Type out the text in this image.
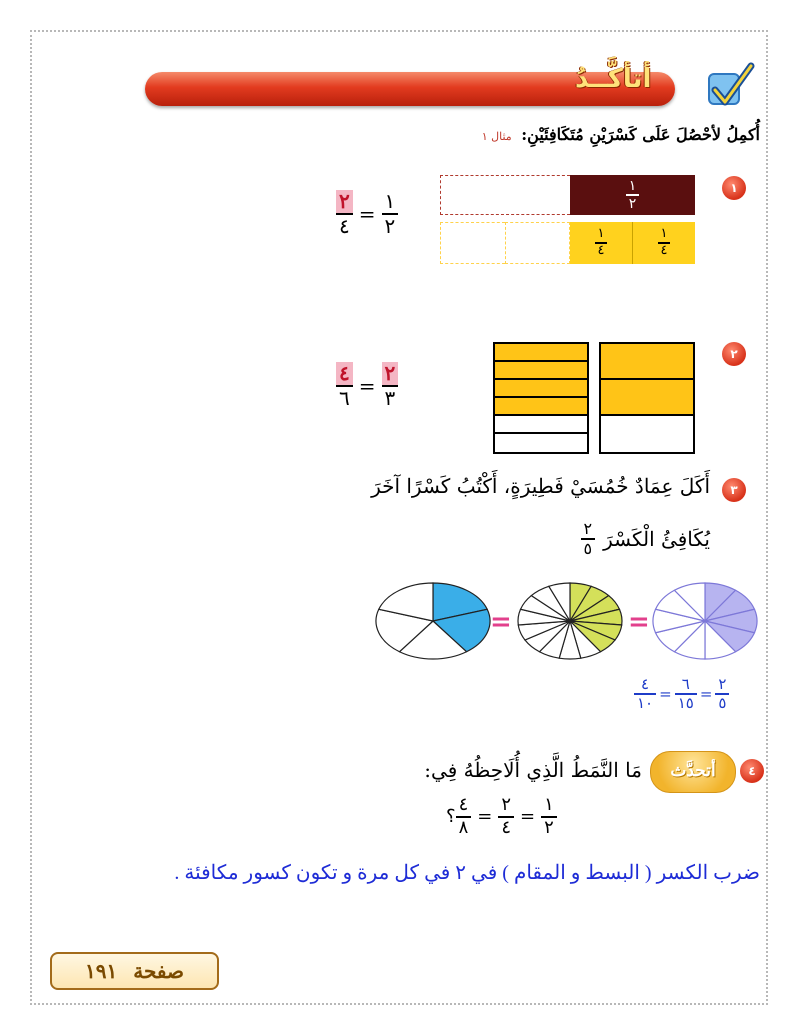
أتأكَّــدُ
أُكمِلُ لأحْصُلَ عَلَى كَسْرَيْنِ مُتَكَافِئَيْنِ: مثال ١
١
$\frac{١}{٢}$
$\frac{١}{٤}$	$\frac{١}{٤}$
$\frac{٢}{٤} = \frac{١}{٢}$
٢
$\frac{٤}{٦} = \frac{٢}{٣}$
٣
أَكَلَ عِمَادٌ خُمُسَيْ فَطِيرَةٍ، أَكْتُبُ كَسْرًا آخَرَ
يُكَافِئُ الْكَسْرَ
$\frac{٢}{٥}$
=	=
$\frac{٤}{١٠} = \frac{٦}{١٥} = \frac{٢}{٥}$
٤
أتحدَّث
مَا النَّمَطُ الَّذِي أُلَاحِظُهُ فِي:
؟ $\frac{٤}{٨} = \frac{٢}{٤} = \frac{١}{٢}$
ضرب الكسر ( البسط و المقام ) في ٢ في كل مرة و تكون كسور مكافئة .
صفحة
١٩١
